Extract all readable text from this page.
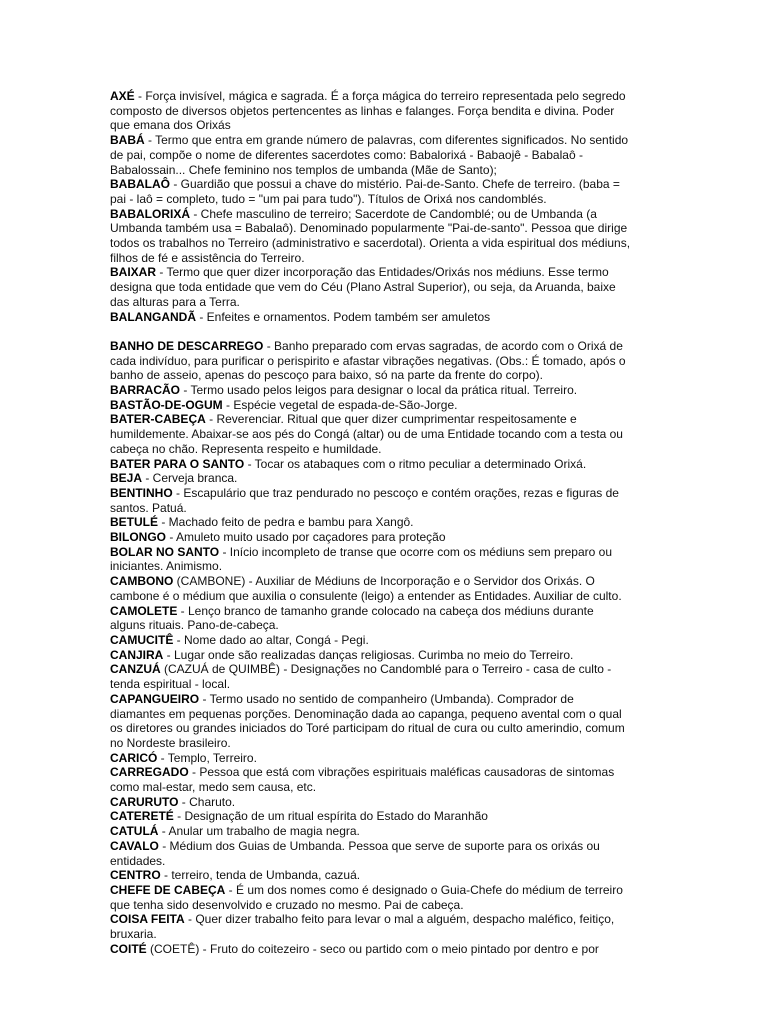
AXÉ - Força invisível, mágica e sagrada. É a força mágica do terreiro representada pelo segredo composto de diversos objetos pertencentes as linhas e falanges. Força bendita e divina. Poder que emana dos Orixás

BABÁ - Termo que entra em grande número de palavras, com diferentes significados. No sentido de pai, compõe o nome de diferentes sacerdotes como: Babalorixá - Babaojê - Babalaô - Babalossain... Chefe feminino nos templos de umbanda (Mãe de Santo);

BABALAÔ - Guardião que possui a chave do mistério. Pai-de-Santo. Chefe de terreiro. (baba = pai - laô = completo, tudo = "um pai para tudo"). Títulos de Orixá nos candomblés.

BABALORIXÁ - Chefe masculino de terreiro; Sacerdote de Candomblé; ou de Umbanda (a Umbanda também usa = Babalaô). Denominado popularmente "Pai-de-santo". Pessoa que dirige todos os trabalhos no Terreiro (administrativo e sacerdotal). Orienta a vida espiritual dos médiuns, filhos de fé e assistência do Terreiro.

BAIXAR - Termo que quer dizer incorporação das Entidades/Orixás nos médiuns. Esse termo designa que toda entidade que vem do Céu (Plano Astral Superior), ou seja, da Aruanda, baixe das alturas para a Terra.

BALANGANDÃ - Enfeites e ornamentos. Podem também ser amuletos

BANHO DE DESCARREGO - Banho preparado com ervas sagradas, de acordo com o Orixá de cada indivíduo, para purificar o perispirito e afastar vibrações negativas. (Obs.: É tomado, após o banho de asseio, apenas do pescoço para baixo, só na parte da frente do corpo).

BARRACÃO - Termo usado pelos leigos para designar o local da prática ritual. Terreiro.

BASTÃO-DE-OGUM - Espécie vegetal de espada-de-São-Jorge.

BATER-CABEÇA - Reverenciar. Ritual que quer dizer cumprimentar respeitosamente e humildemente. Abaixar-se aos pés do Congá (altar) ou de uma Entidade tocando com a testa ou cabeça no chão. Representa respeito e humildade.

BATER PARA O SANTO - Tocar os atabaques com o ritmo peculiar a determinado Orixá.

BEJA - Cerveja branca.

BENTINHO - Escapulário que traz pendurado no pescoço e contém orações, rezas e figuras de santos. Patuá.

BETULÉ - Machado feito de pedra e bambu para Xangô.

BILONGO - Amuleto muito usado por caçadores para proteção

BOLAR NO SANTO - Início incompleto de transe que ocorre com os médiuns sem preparo ou iniciantes. Animismo.

CAMBONO (CAMBONE) - Auxiliar de Médiuns de Incorporação e o Servidor dos Orixás. O cambone é o médium que auxilia o consulente (leigo) a entender as Entidades. Auxiliar de culto.

CAMOLETE - Lenço branco de tamanho grande colocado na cabeça dos médiuns durante alguns rituais. Pano-de-cabeça.

CAMUCITÊ - Nome dado ao altar, Congá - Pegi.

CANJIRA - Lugar onde são realizadas danças religiosas. Curimba no meio do Terreiro.

CANZUÁ (CAZUÁ de QUIMBÊ) - Designações no Candomblé para o Terreiro - casa de culto - tenda espiritual - local.

CAPANGUEIRO - Termo usado no sentido de companheiro (Umbanda). Comprador de diamantes em pequenas porções. Denominação dada ao capanga, pequeno avental com o qual os diretores ou grandes iniciados do Toré participam do ritual de cura ou culto amerindio, comum no Nordeste brasileiro.

CARICÓ - Templo, Terreiro.

CARREGADO - Pessoa que está com vibrações espirituais maléficas causadoras de sintomas como mal-estar, medo sem causa, etc.

CARURUTO - Charuto.

CATERETÉ - Designação de um ritual espírita do Estado do Maranhão

CATULÁ - Anular um trabalho de magia negra.

CAVALO - Médium dos Guias de Umbanda. Pessoa que serve de suporte para os orixás ou entidades.

CENTRO - terreiro, tenda de Umbanda, cazuá.

CHEFE DE CABEÇA - É um dos nomes como é designado o Guia-Chefe do médium de terreiro que tenha sido desenvolvido e cruzado no mesmo. Pai de cabeça.

COISA FEITA - Quer dizer trabalho feito para levar o mal a alguém, despacho maléfico, feitiço, bruxaria.

COITÉ (COETÊ) - Fruto do coitezeiro - seco ou partido com o meio pintado por dentro e por
